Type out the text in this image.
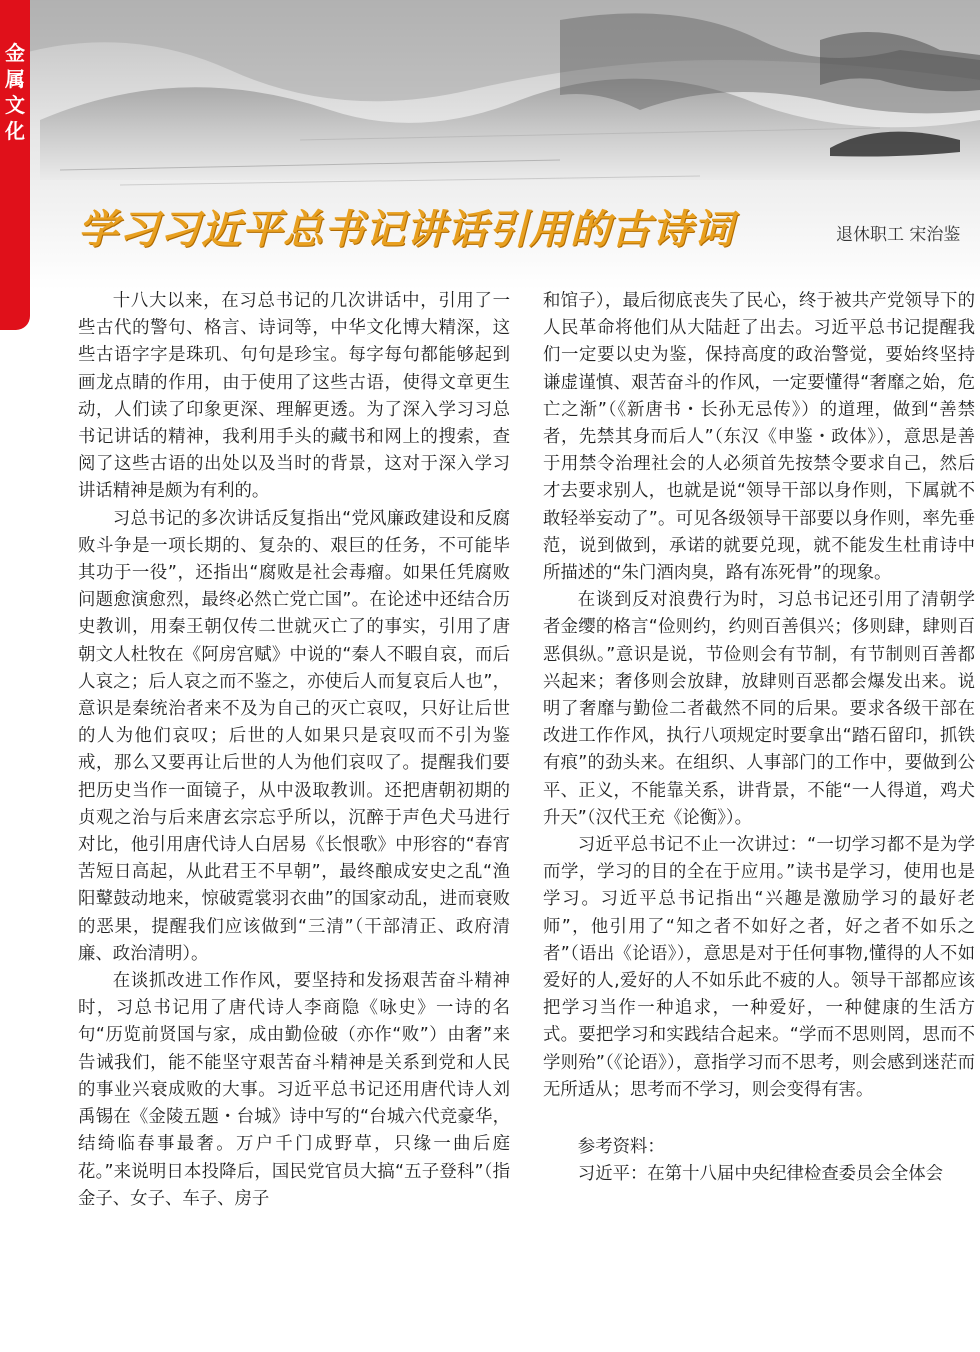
金属文化
学习习近平总书记讲话引用的古诗词	退休职工 宋治鉴

十八大以来，在习总书记的几次讲话中，引用了一些古代的警句、格言、诗词等，中华文化博大精深，这些古语字字是珠玑、句句是珍宝。每字每句都能够起到画龙点睛的作用，由于使用了这些古语，使得文章更生动，人们读了印象更深、理解更透。为了深入学习习总书记讲话的精神，我利用手头的藏书和网上的搜索，查阅了这些古语的出处以及当时的背景，这对于深入学习讲话精神是颇为有利的。

习总书记的多次讲话反复指出“党风廉政建设和反腐败斗争是一项长期的、复杂的、艰巨的任务，不可能毕其功于一役”，还指出“腐败是社会毒瘤。如果任凭腐败问题愈演愈烈，最终必然亡党亡国”。在论述中还结合历史教训，用秦王朝仅传二世就灭亡了的事实，引用了唐朝文人杜牧在《阿房宫赋》中说的“秦人不暇自哀，而后人哀之；后人哀之而不鉴之，亦使后人而复哀后人也”，意识是秦统治者来不及为自己的灭亡哀叹，只好让后世的人为他们哀叹；后世的人如果只是哀叹而不引为鉴戒，那么又要再让后世的人为他们哀叹了。提醒我们要把历史当作一面镜子，从中汲取教训。还把唐朝初期的贞观之治与后来唐玄宗忘乎所以，沉醉于声色犬马进行对比，他引用唐代诗人白居易《长恨歌》中形容的“春宵苦短日高起，从此君王不早朝”，最终酿成安史之乱“渔阳鼙鼓动地来，惊破霓裳羽衣曲”的国家动乱，进而衰败的恶果，提醒我们应该做到“三清”（干部清正、政府清廉、政治清明）。

在谈抓改进工作作风，要坚持和发扬艰苦奋斗精神时，习总书记用了唐代诗人李商隐《咏史》一诗的名句“历览前贤国与家，成由勤俭破（亦作“败”）由奢”来告诫我们，能不能坚守艰苦奋斗精神是关系到党和人民的事业兴衰成败的大事。习近平总书记还用唐代诗人刘禹锡在《金陵五题・台城》诗中写的“台城六代竞豪华，结绮临春事最奢。万户千门成野草，只缘一曲后庭花。”来说明日本投降后，国民党官员大搞“五子登科”（指金子、女子、车子、房子

和馆子），最后彻底丧失了民心，终于被共产党领导下的人民革命将他们从大陆赶了出去。习近平总书记提醒我们一定要以史为鉴，保持高度的政治警觉，要始终坚持谦虚谨慎、艰苦奋斗的作风，一定要懂得“奢靡之始，危亡之渐”（《新唐书・长孙无忌传》）的道理，做到“善禁者，先禁其身而后人”（东汉《申鉴・政体》），意思是善于用禁令治理社会的人必须首先按禁令要求自己，然后才去要求别人，也就是说“领导干部以身作则，下属就不敢轻举妄动了”。可见各级领导干部要以身作则，率先垂范，说到做到，承诺的就要兑现，就不能发生杜甫诗中所描述的“朱门酒肉臭，路有冻死骨”的现象。

在谈到反对浪费行为时，习总书记还引用了清朝学者金缨的格言“俭则约，约则百善俱兴；侈则肆，肆则百恶俱纵。”意识是说，节俭则会有节制，有节制则百善都兴起来；奢侈则会放肆，放肆则百恶都会爆发出来。说明了奢靡与勤俭二者截然不同的后果。要求各级干部在改进工作作风，执行八项规定时要拿出“踏石留印，抓铁有痕”的劲头来。在组织、人事部门的工作中，要做到公平、正义，不能靠关系，讲背景，不能“一人得道，鸡犬升天”（汉代王充《论衡》）。

习近平总书记不止一次讲过：“一切学习都不是为学而学，学习的目的全在于应用。”读书是学习，使用也是学习。习近平总书记指出“兴趣是激励学习的最好老师”，他引用了“知之者不如好之者，好之者不如乐之者”（语出《论语》），意思是对于任何事物,懂得的人不如爱好的人,爱好的人不如乐此不疲的人。领导干部都应该把学习当作一种追求，一种爱好，一种健康的生活方式。要把学习和实践结合起来。“学而不思则罔，思而不学则殆”（《论语》），意指学习而不思考，则会感到迷茫而无所适从；思考而不学习，则会变得有害。

参考资料：

习近平：在第十八届中央纪律检查委员会全体会
